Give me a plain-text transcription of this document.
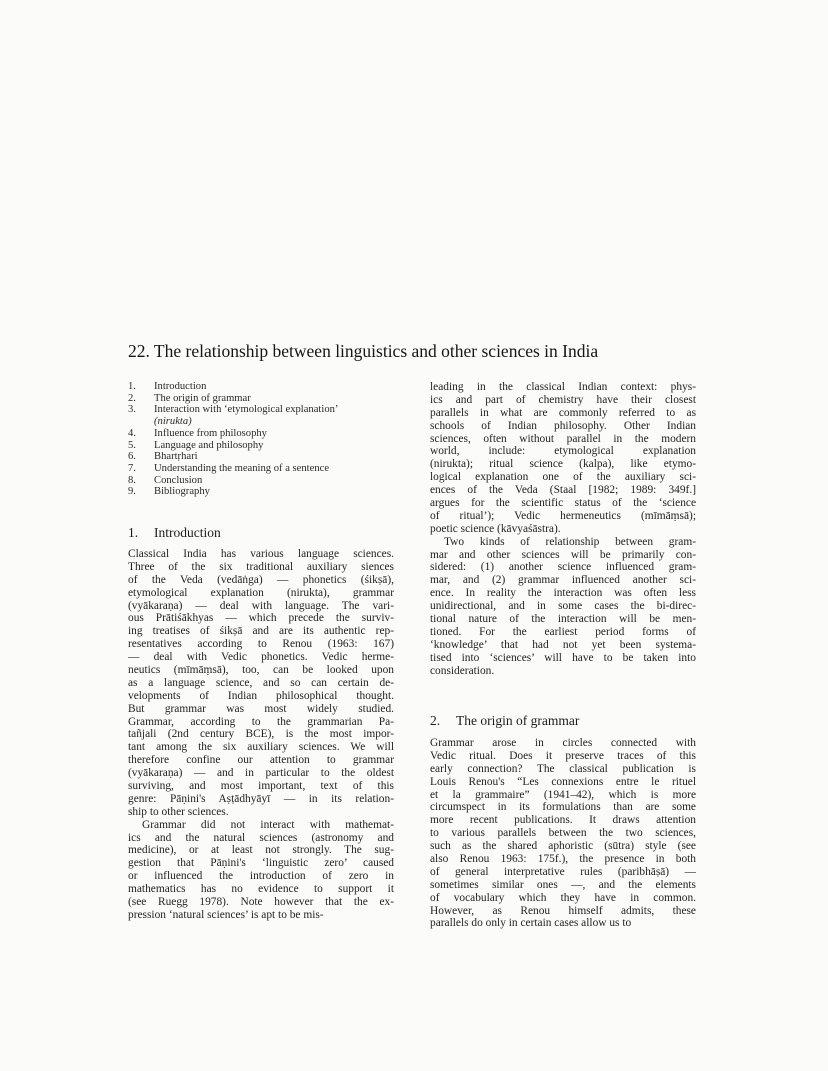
22. The relationship between linguistics and other sciences in India
1.	Introduction
2.	The origin of grammar
3.	Interaction with ‘etymological explanation’
(nirukta)
4.	Influence from philosophy
5.	Language and philosophy
6.	Bhartṛhari
7.	Understanding the meaning of a sentence
8.	Conclusion
9.	Bibliography
1. Introduction
Classical India has various language sciences.
Three of the six traditional auxiliary siences
of the Veda (vedāṅga) — phonetics (śikṣā),
etymological explanation (nirukta), grammar
(vyākaraṇa) — deal with language. The vari-
ous Prātiśākhyas — which precede the surviv-
ing treatises of śikṣā and are its authentic rep-
resentatives according to Renou (1963: 167)
— deal with Vedic phonetics. Vedic herme-
neutics (mīmāṃsā), too, can be looked upon
as a language science, and so can certain de-
velopments of Indian philosophical thought.
But grammar was most widely studied.
Grammar, according to the grammarian Pa-
tañjali (2nd century BCE), is the most impor-
tant among the six auxiliary sciences. We will
therefore confine our attention to grammar
(vyākaraṇa) — and in particular to the oldest
surviving, and most important, text of this
genre: Pāṇini's Aṣṭādhyāyī — in its relation-
ship to other sciences.
Grammar did not interact with mathemat-
ics and the natural sciences (astronomy and
medicine), or at least not strongly. The sug-
gestion that Pāṇini's ‘linguistic zero’ caused
or influenced the introduction of zero in
mathematics has no evidence to support it
(see Ruegg 1978). Note however that the ex-
pression ‘natural sciences’ is apt to be mis-
leading in the classical Indian context: phys-
ics and part of chemistry have their closest
parallels in what are commonly referred to as
schools of Indian philosophy. Other Indian
sciences, often without parallel in the modern
world, include: etymological explanation
(nirukta); ritual science (kalpa), like etymo-
logical explanation one of the auxiliary sci-
ences of the Veda (Staal [1982; 1989: 349f.]
argues for the scientific status of the ‘science
of ritual’); Vedic hermeneutics (mīmāṃsā);
poetic science (kāvyaśāstra).
Two kinds of relationship between gram-
mar and other sciences will be primarily con-
sidered: (1) another science influenced gram-
mar, and (2) grammar influenced another sci-
ence. In reality the interaction was often less
unidirectional, and in some cases the bi-direc-
tional nature of the interaction will be men-
tioned. For the earliest period forms of
‘knowledge’ that had not yet been systema-
tised into ‘sciences’ will have to be taken into
consideration.
2. The origin of grammar
Grammar arose in circles connected with
Vedic ritual. Does it preserve traces of this
early connection? The classical publication is
Louis Renou's “Les connexions entre le rituel
et la grammaire” (1941–42), which is more
circumspect in its formulations than are some
more recent publications. It draws attention
to various parallels between the two sciences,
such as the shared aphoristic (sūtra) style (see
also Renou 1963: 175f.), the presence in both
of general interpretative rules (paribhāṣā) —
sometimes similar ones —, and the elements
of vocabulary which they have in common.
However, as Renou himself admits, these
parallels do only in certain cases allow us to
